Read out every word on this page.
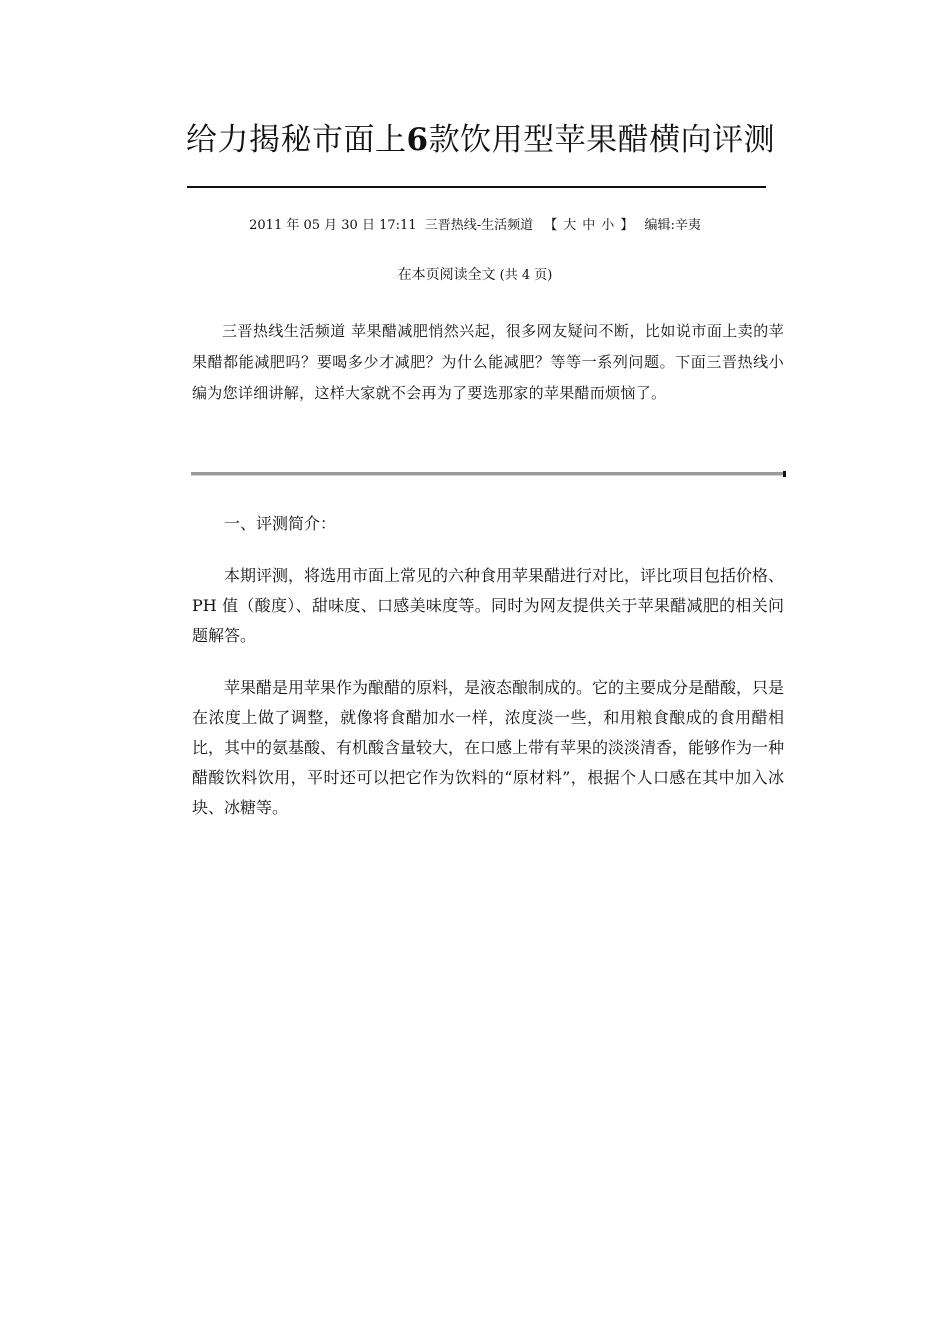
给力揭秘市面上6款饮用型苹果醋横向评测
2011 年 05 月 30 日 17:11 三晋热线-生活频道 【 大 中 小 】 编辑:辛夷
在本页阅读全文 (共 4 页)

三晋热线生活频道 苹果醋减肥悄然兴起，很多网友疑问不断，比如说市面上卖的苹果醋都能减肥吗？要喝多少才减肥？为什么能减肥？等等一系列问题。下面三晋热线小编为您详细讲解，这样大家就不会再为了要选那家的苹果醋而烦恼了。

一、评测简介：

本期评测，将选用市面上常见的六种食用苹果醋进行对比，评比项目包括价格、PH 值（酸度）、甜味度、口感美味度等。同时为网友提供关于苹果醋减肥的相关问题解答。

苹果醋是用苹果作为酿醋的原料，是液态酿制成的。它的主要成分是醋酸，只是在浓度上做了调整，就像将食醋加水一样，浓度淡一些，和用粮食酿成的食用醋相比，其中的氨基酸、有机酸含量较大，在口感上带有苹果的淡淡清香，能够作为一种醋酸饮料饮用，平时还可以把它作为饮料的“原材料”，根据个人口感在其中加入冰块、冰糖等。
